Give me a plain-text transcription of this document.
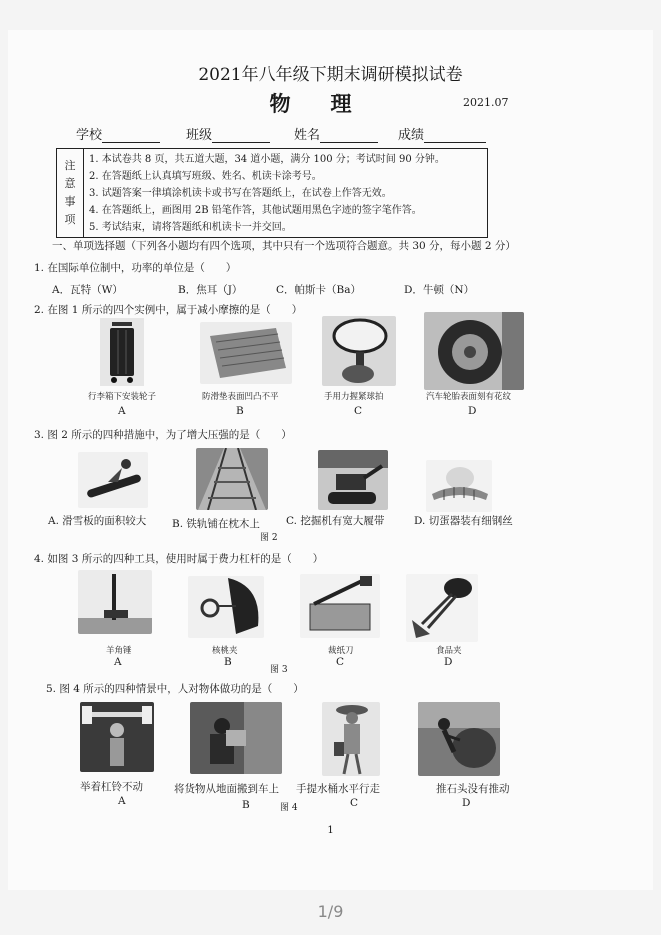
2021年八年级下期末调研模拟试卷
物理	2021.07
学校	班级	姓名	成绩
注
意
事
项
1. 本试卷共 8 页，共五道大题，34 道小题，满分 100 分；考试时间 90 分钟。
2. 在答题纸上认真填写班级、姓名、机读卡涂考号。
3. 试题答案一律填涂机读卡或书写在答题纸上，在试卷上作答无效。
4. 在答题纸上，画图用 2B 铅笔作答，其他试题用黑色字迹的签字笔作答。
5. 考试结束，请将答题纸和机读卡一并交回。
一、单项选择题（下列各小题均有四个选项，其中只有一个选项符合题意。共 30 分，每小题 2 分）
1. 在国际单位制中，功率的单位是（　　）
A．瓦特（W）	B．焦耳（J）	C．帕斯卡（Ba）	D．牛顿（N）
2. 在图 1 所示的四个实例中，属于减小摩擦的是（　　）
行李箱下安装轮子	防滑垫表面凹凸不平	手用力握紧球拍	汽车轮胎表面刻有花纹
A	B	C	D
3. 图 2 所示的四种措施中，为了增大压强的是（　　）
A. 滑雪板的面积较大 B. 铁轨铺在枕木上 C. 挖掘机有宽大履带	D. 切蛋器装有细钢丝
图 2
4. 如图 3 所示的四种工具，使用时属于费力杠杆的是（　　）
羊角锤	核桃夹	裁纸刀	食品夹
A	B
图 3
C	D
5. 图 4 所示的四种情景中，人对物体做功的是（　　）
举着杠铃不动	将货物从地面搬到车上 手提水桶水平行走	推石头没有推动
A	B	图 4	C	D
1
1/9
